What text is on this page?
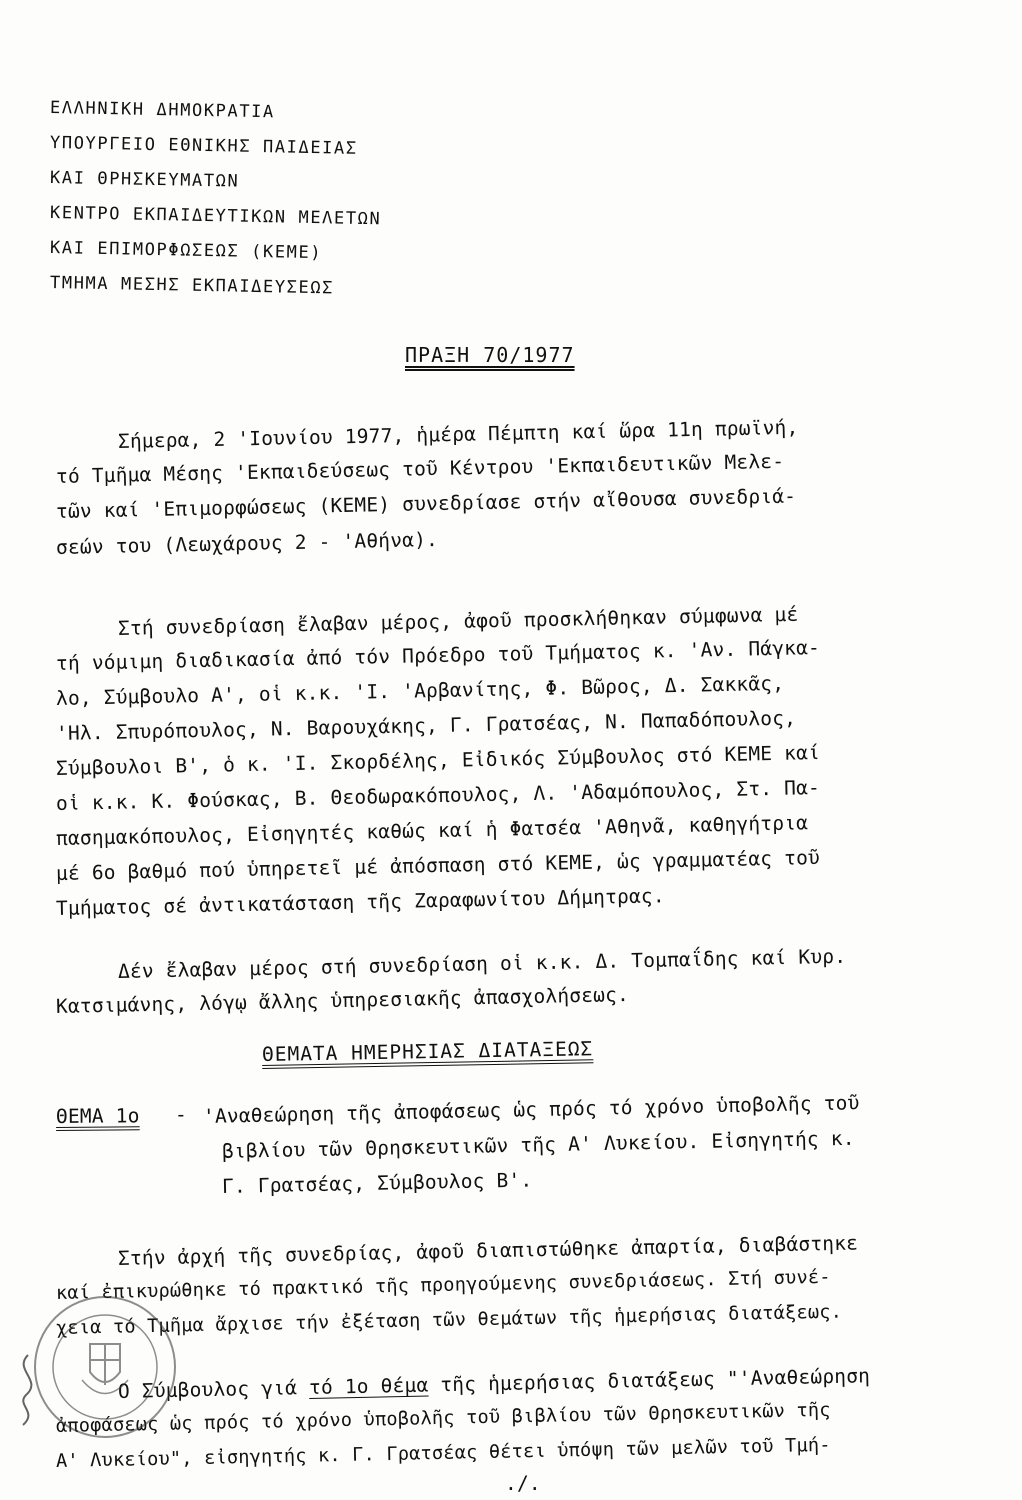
ΕΛΛΗΝΙΚΗ ΔΗΜΟΚΡΑΤΙΑ
ΥΠΟΥΡΓΕΙΟ ΕΘΝΙΚΗΣ ΠΑΙΔΕΙΑΣ
ΚΑΙ ΘΡΗΣΚΕΥΜΑΤΩΝ
ΚΕΝΤΡΟ ΕΚΠΑΙΔΕΥΤΙΚΩΝ ΜΕΛΕΤΩΝ
ΚΑΙ ΕΠΙΜΟΡΦΩΣΕΩΣ (ΚΕΜΕ)
ΤΜΗΜΑ ΜΕΣΗΣ ΕΚΠΑΙΔΕΥΣΕΩΣ
ΠΡΑΞΗ 70/1977
Σήμερα, 2 'Ιουνίου 1977, ἡμέρα Πέμπτη καί ὥρα 11η πρωϊνή,
τό Τμῆμα Μέσης 'Εκπαιδεύσεως τοῦ Κέντρου 'Εκπαιδευτικῶν Μελε-
τῶν καί 'Επιμορφώσεως (ΚΕΜΕ) συνεδρίασε στήν αἴθουσα συνεδριά-
σεών του (Λεωχάρους 2 - 'Αθήνα).
Στή συνεδρίαση ἔλαβαν μέρος, ἀφοῦ προσκλήθηκαν σύμφωνα μέ
τή νόμιμη διαδικασία ἀπό τόν Πρόεδρο τοῦ Τμήματος κ. 'Αν. Πάγκα-
λο, Σύμβουλο Α', οἱ κ.κ. 'Ι. 'Αρβανίτης, Φ. Βῶρος, Δ. Σακκᾶς,
'Ηλ. Σπυρόπουλος, Ν. Βαρουχάκης, Γ. Γρατσέας, Ν. Παπαδόπουλος,
Σύμβουλοι Β', ὁ κ. 'Ι. Σκορδέλης, Εἰδικός Σύμβουλος στό ΚΕΜΕ καί
οἱ κ.κ. Κ. Φούσκας, Β. Θεοδωρακόπουλος, Λ. 'Αδαμόπουλος, Στ. Πα-
πασημακόπουλος, Εἰσηγητές καθώς καί ἡ Φατσέα 'Αθηνᾶ, καθηγήτρια
μέ 6ο βαθμό πού ὑπηρετεῖ μέ ἀπόσπαση στό ΚΕΜΕ, ὡς γραμματέας τοῦ
Τμήματος σέ ἀντικατάσταση τῆς Ζαραφωνίτου Δήμητρας.
Δέν ἔλαβαν μέρος στή συνεδρίαση οἱ κ.κ. Δ. Τομπαΐδης καί Κυρ.
Κατσιμάνης, λόγῳ ἄλλης ὑπηρεσιακῆς ἀπασχολήσεως.
ΘΕΜΑΤΑ ΗΜΕΡΗΣΙΑΣ ΔΙΑΤΑΞΕΩΣ
ΘΕΜΑ 1ο - 'Αναθεώρηση τῆς ἀποφάσεως ὡς πρός τό χρόνο ὑποβολῆς τοῦ
βιβλίου τῶν Θρησκευτικῶν τῆς Α' Λυκείου. Εἰσηγητής κ.
Γ. Γρατσέας, Σύμβουλος Β'.
Στήν ἀρχή τῆς συνεδρίας, ἀφοῦ διαπιστώθηκε ἀπαρτία, διαβάστηκε
καί ἐπικυρώθηκε τό πρακτικό τῆς προηγούμενης συνεδριάσεως. Στή συνέ-
χεια τό Τμῆμα ἄρχισε τήν ἐξέταση τῶν θεμάτων τῆς ἡμερήσιας διατάξεως.
Ο Σύμβουλος γιά τό 1ο θέμα τῆς ἡμερήσιας διατάξεως "'Αναθεώρηση
ἀποφάσεως ὡς πρός τό χρόνο ὑποβολῆς τοῦ βιβλίου τῶν Θρησκευτικῶν τῆς
Α' Λυκείου", εἰσηγητής κ. Γ. Γρατσέας θέτει ὑπόψη τῶν μελῶν τοῦ Τμή-
./.
